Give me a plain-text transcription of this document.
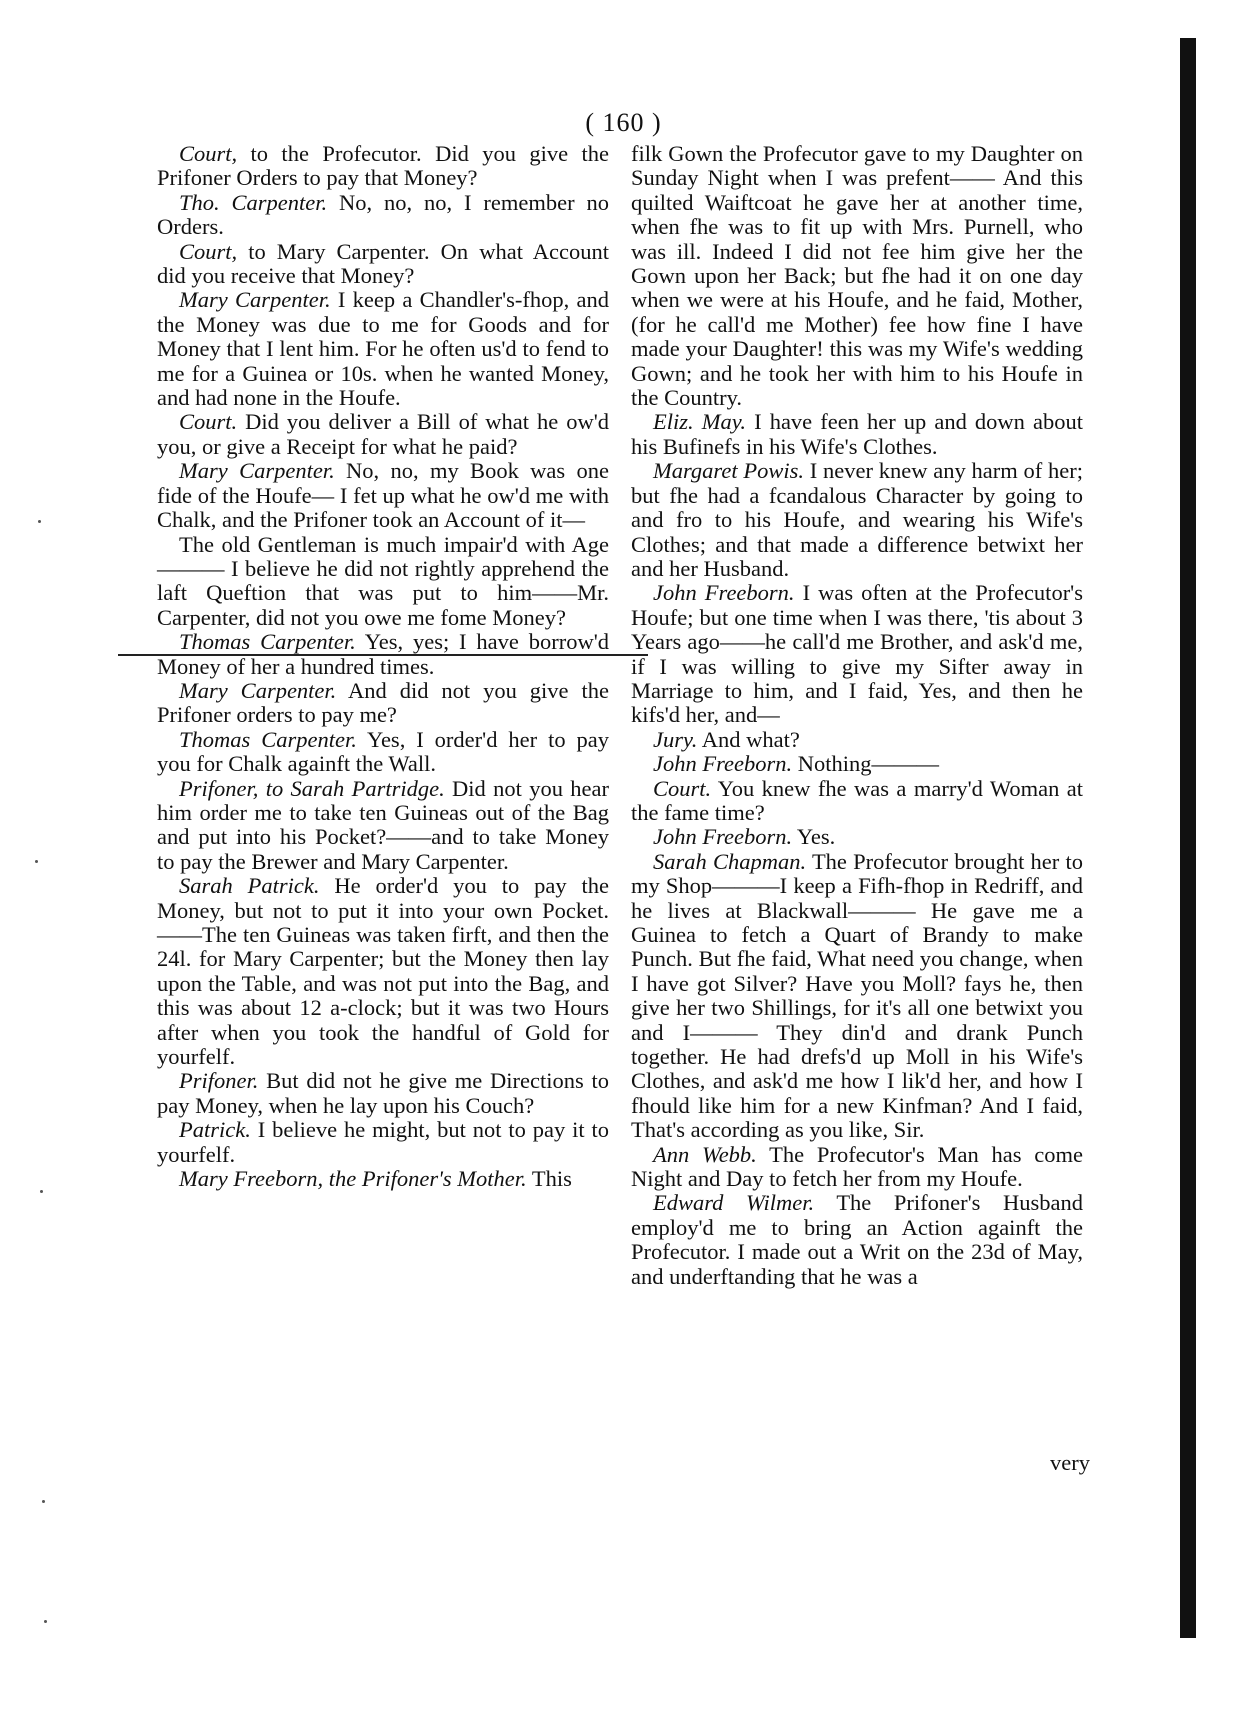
( 160 )

Court, to the Profecutor. Did you give the Prifoner Orders to pay that Money?

Tho. Carpenter. No, no, no, I remember no Orders.

Court, to Mary Carpenter. On what Account did you receive that Money?

Mary Carpenter. I keep a Chandler's-fhop, and the Money was due to me for Goods and for Money that I lent him. For he often us'd to fend to me for a Guinea or 10s. when he wanted Money, and had none in the Houfe.

Court. Did you deliver a Bill of what he ow'd you, or give a Receipt for what he paid?

Mary Carpenter. No, no, my Book was one fide of the Houfe— I fet up what he ow'd me with Chalk, and the Prifoner took an Account of it—

The old Gentleman is much impair'd with Age——— I believe he did not rightly apprehend the laft Queftion that was put to him——Mr. Carpenter, did not you owe me fome Money?

Thomas Carpenter. Yes, yes; I have borrow'd Money of her a hundred times.

Mary Carpenter. And did not you give the Prifoner orders to pay me?

Thomas Carpenter. Yes, I order'd her to pay you for Chalk againft the Wall.

Prifoner, to Sarah Partridge. Did not you hear him order me to take ten Guineas out of the Bag and put into his Pocket?——and to take Money to pay the Brewer and Mary Carpenter.

Sarah Patrick. He order'd you to pay the Money, but not to put it into your own Pocket.——The ten Guineas was taken firft, and then the 24l. for Mary Carpenter; but the Money then lay upon the Table, and was not put into the Bag, and this was about 12 a-clock; but it was two Hours after when you took the handful of Gold for yourfelf.

Prifoner. But did not he give me Directions to pay Money, when he lay upon his Couch?

Patrick. I believe he might, but not to pay it to yourfelf.

Mary Freeborn, the Prifoner's Mother. This

filk Gown the Profecutor gave to my Daughter on Sunday Night when I was prefent—— And this quilted Waiftcoat he gave her at another time, when fhe was to fit up with Mrs. Purnell, who was ill. Indeed I did not fee him give her the Gown upon her Back; but fhe had it on one day when we were at his Houfe, and he faid, Mother, (for he call'd me Mother) fee how fine I have made your Daughter! this was my Wife's wedding Gown; and he took her with him to his Houfe in the Country.

Eliz. May. I have feen her up and down about his Bufinefs in his Wife's Clothes.

Margaret Powis. I never knew any harm of her; but fhe had a fcandalous Character by going to and fro to his Houfe, and wearing his Wife's Clothes; and that made a difference betwixt her and her Husband.

John Freeborn. I was often at the Profecutor's Houfe; but one time when I was there, 'tis about 3 Years ago——he call'd me Brother, and ask'd me, if I was willing to give my Sifter away in Marriage to him, and I faid, Yes, and then he kifs'd her, and—

Jury. And what?

John Freeborn. Nothing———

Court. You knew fhe was a marry'd Woman at the fame time?

John Freeborn. Yes.

Sarah Chapman. The Profecutor brought her to my Shop———I keep a Fifh-fhop in Redriff, and he lives at Blackwall——— He gave me a Guinea to fetch a Quart of Brandy to make Punch. But fhe faid, What need you change, when I have got Silver? Have you Moll? fays he, then give her two Shillings, for it's all one betwixt you and I——— They din'd and drank Punch together. He had drefs'd up Moll in his Wife's Clothes, and ask'd me how I lik'd her, and how I fhould like him for a new Kinfman? And I faid, That's according as you like, Sir.

Ann Webb. The Profecutor's Man has come Night and Day to fetch her from my Houfe.

Edward Wilmer. The Prifoner's Husband employ'd me to bring an Action againft the Profecutor. I made out a Writ on the 23d of May, and underftanding that he was a

very
